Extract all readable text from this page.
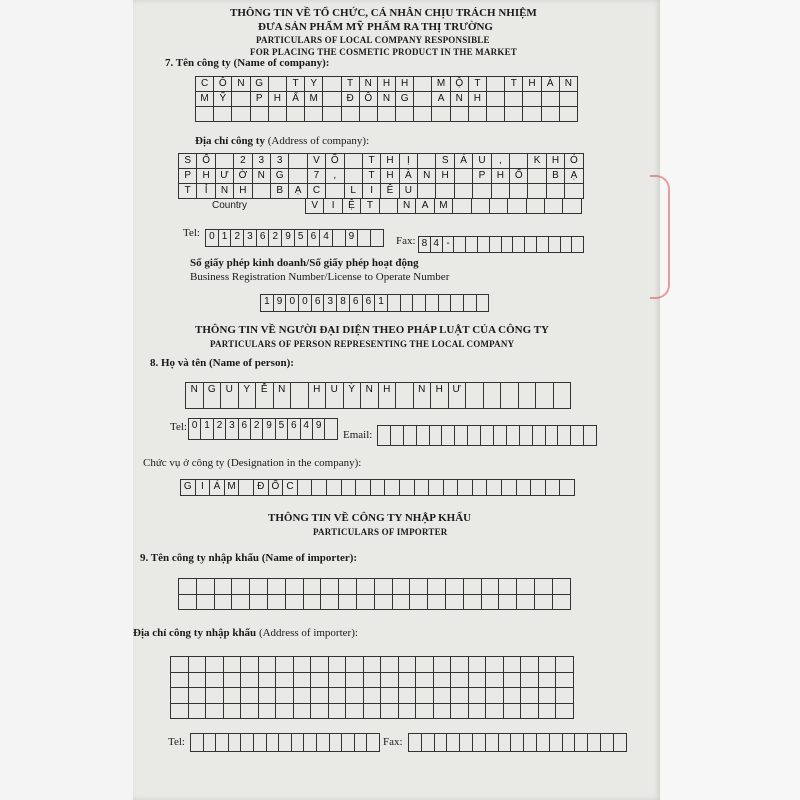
THÔNG TIN VỀ TỔ CHỨC, CÁ NHÂN CHỊU TRÁCH NHIỆM
ĐƯA SẢN PHẨM MỸ PHẨM RA THỊ TRƯỜNG
PARTICULARS OF LOCAL COMPANY RESPONSIBLE
FOR PLACING THE COSMETIC PRODUCT IN THE MARKET
7. Tên công ty (Name of company):
C	Ô	N	G	T	Y	T	N	H	H	M	Ộ	T	T	H	À	N
M	Ỹ	P	H	Ẩ	M	Đ	Ô	N	G	A	N	H
Địa chỉ công ty (Address of company):
S	Ố	2	3	3	V	Õ	T	H	Ị	S	Á	U	,	K	H	Ó
P	H	Ư Ờ	N	G	7	,	T	H	À	N	H	P	H	Ố	B	Ạ
T	Ỉ	N	H	B	Ạ	C	L	I	Ê	U
V	I	Ệ	T	N	A	M
Country
Tel: 0 1 2 3 6 2 9 5 6 4	9	Fax: 8 4 -
Số giấy phép kinh doanh/Số giấy phép hoạt động
Business Registration Number/License to Operate Number
1 9 0 0 6 3 8 6 6 1
THÔNG TIN VỀ NGƯỜI ĐẠI DIỆN THEO PHÁP LUẬT CỦA CÔNG TY
PARTICULARS OF PERSON REPRESENTING THE LOCAL COMPANY
8. Họ và tên (Name of person):
N	G U	Y	Ễ	N	H	U	Ỳ	N	H	N	H Ư
Tel: 0 1 2 3 6 2 9 5 6 4 9
Email:
Chức vụ ở công ty (Designation in the company):
G I Á M	Đ Ố C
THÔNG TIN VỀ CÔNG TY NHẬP KHẨU
PARTICULARS OF IMPORTER
9. Tên công ty nhập khẩu (Name of importer):
Địa chỉ công ty nhập khẩu (Address of importer):
Tel:	Fax:
